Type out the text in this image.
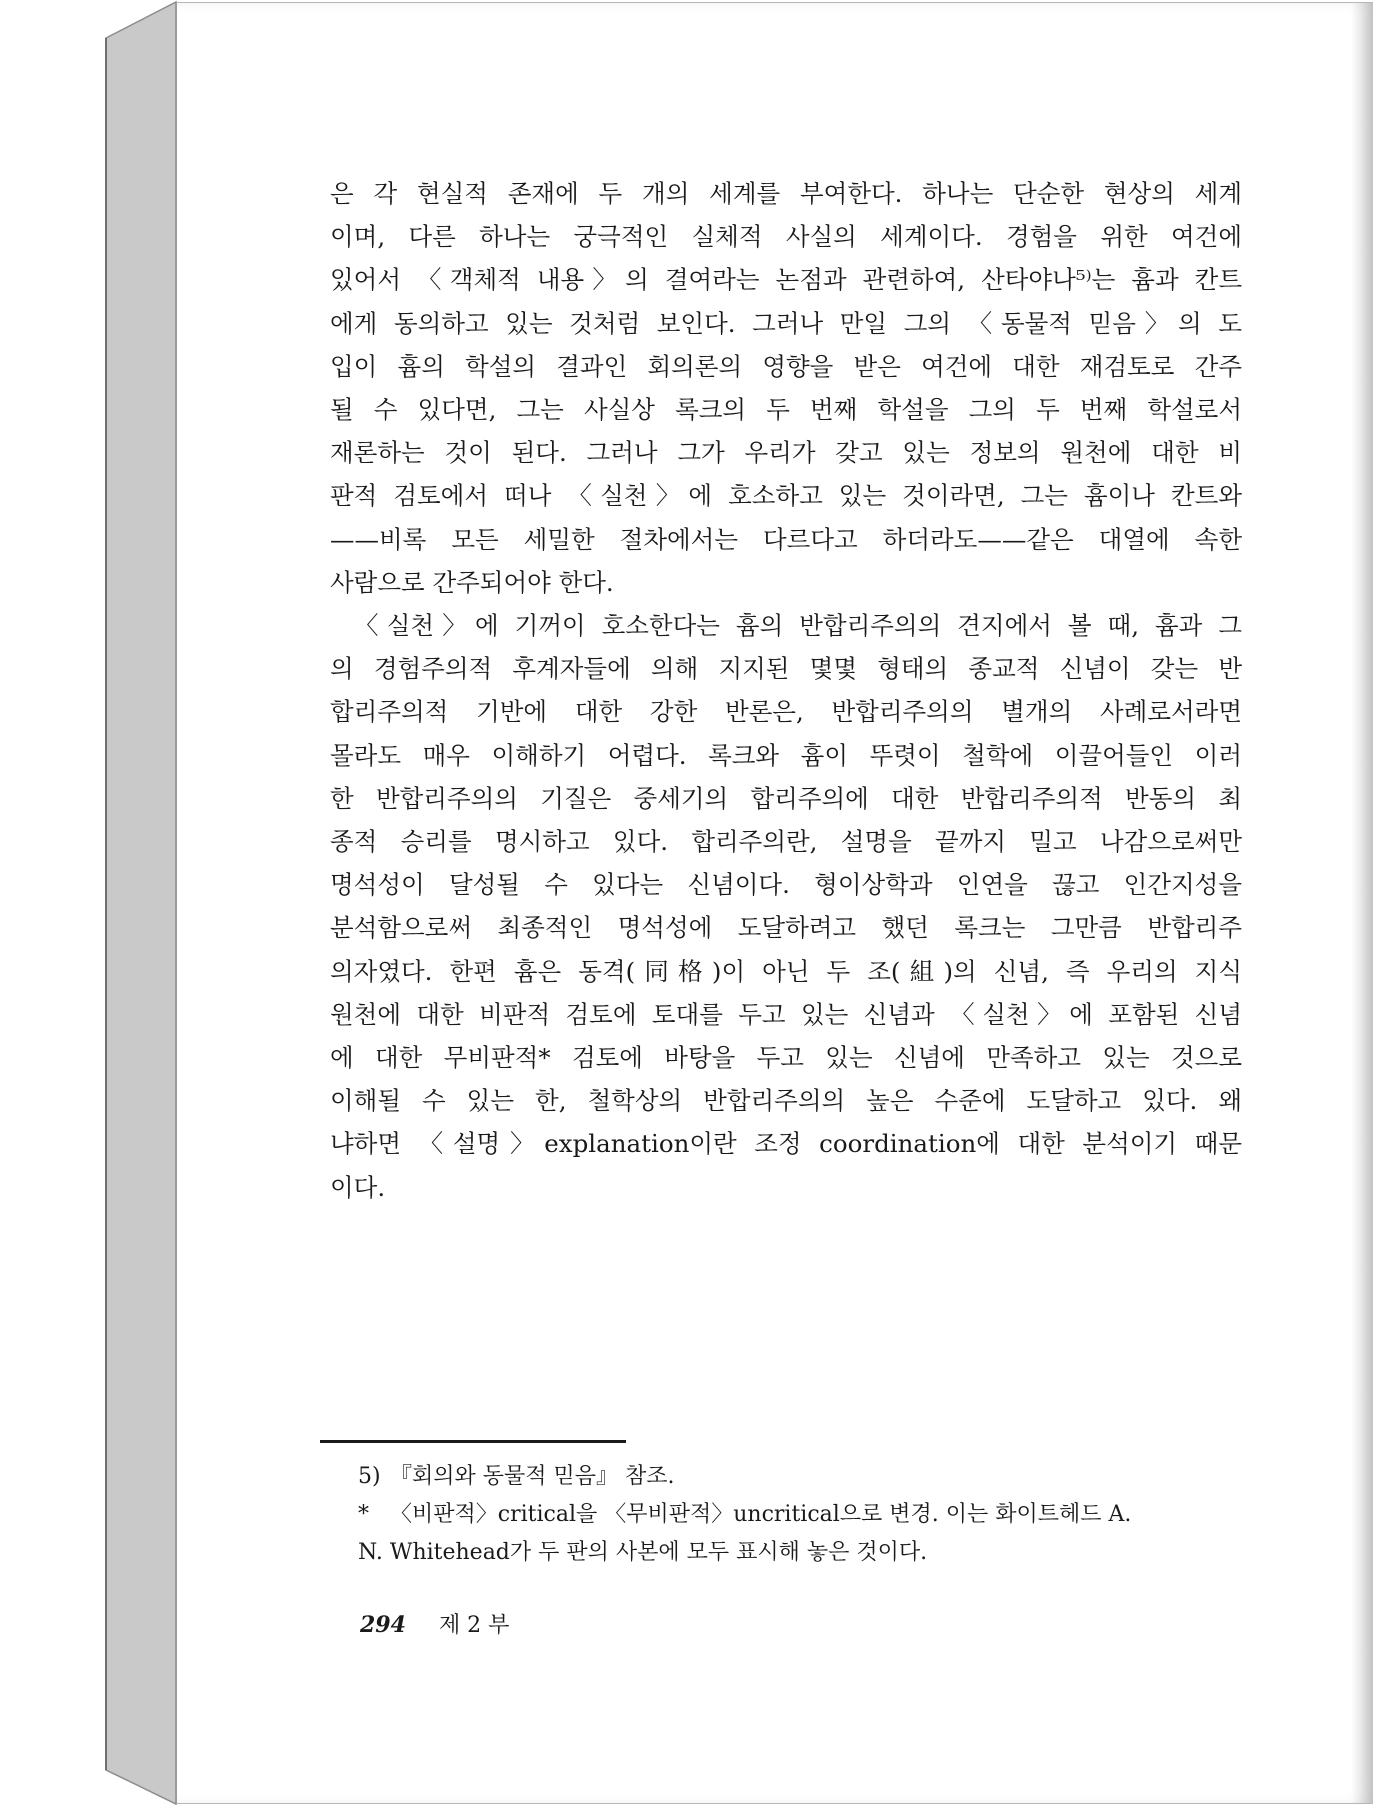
은 각 현실적 존재에 두 개의 세계를 부여한다. 하나는 단순한 현상의 세계
이며, 다른 하나는 궁극적인 실체적 사실의 세계이다. 경험을 위한 여건에
있어서 〈객체적 내용〉의 결여라는 논점과 관련하여, 산타야나⁵⁾는 흄과 칸트
에게 동의하고 있는 것처럼 보인다. 그러나 만일 그의 〈동물적 믿음〉의 도
입이 흄의 학설의 결과인 회의론의 영향을 받은 여건에 대한 재검토로 간주
될 수 있다면, 그는 사실상 록크의 두 번째 학설을 그의 두 번째 학설로서
재론하는 것이 된다. 그러나 그가 우리가 갖고 있는 정보의 원천에 대한 비
판적 검토에서 떠나 〈실천〉에 호소하고 있는 것이라면, 그는 흄이나 칸트와
——비록 모든 세밀한 절차에서는 다르다고 하더라도——같은 대열에 속한
사람으로 간주되어야 한다.
〈실천〉에 기꺼이 호소한다는 흄의 반합리주의의 견지에서 볼 때, 흄과 그
의 경험주의적 후계자들에 의해 지지된 몇몇 형태의 종교적 신념이 갖는 반
합리주의적 기반에 대한 강한 반론은, 반합리주의의 별개의 사례로서라면
몰라도 매우 이해하기 어렵다. 록크와 흄이 뚜렷이 철학에 이끌어들인 이러
한 반합리주의의 기질은 중세기의 합리주의에 대한 반합리주의적 반동의 최
종적 승리를 명시하고 있다. 합리주의란, 설명을 끝까지 밀고 나감으로써만
명석성이 달성될 수 있다는 신념이다. 형이상학과 인연을 끊고 인간지성을
분석함으로써 최종적인 명석성에 도달하려고 했던 록크는 그만큼 반합리주
의자였다. 한편 흄은 동격(同格)이 아닌 두 조(組)의 신념, 즉 우리의 지식
원천에 대한 비판적 검토에 토대를 두고 있는 신념과 〈실천〉에 포함된 신념
에 대한 무비판적* 검토에 바탕을 두고 있는 신념에 만족하고 있는 것으로
이해될 수 있는 한, 철학상의 반합리주의의 높은 수준에 도달하고 있다. 왜
냐하면 〈설명〉explanation이란 조정 coordination에 대한 분석이기 때문
이다.
5) 『회의와 동물적 믿음』 참조.
* 〈비판적〉critical을 〈무비판적〉uncritical으로 변경. 이는 화이트헤드 A.
N. Whitehead가 두 판의 사본에 모두 표시해 놓은 것이다.
294 제 2 부
